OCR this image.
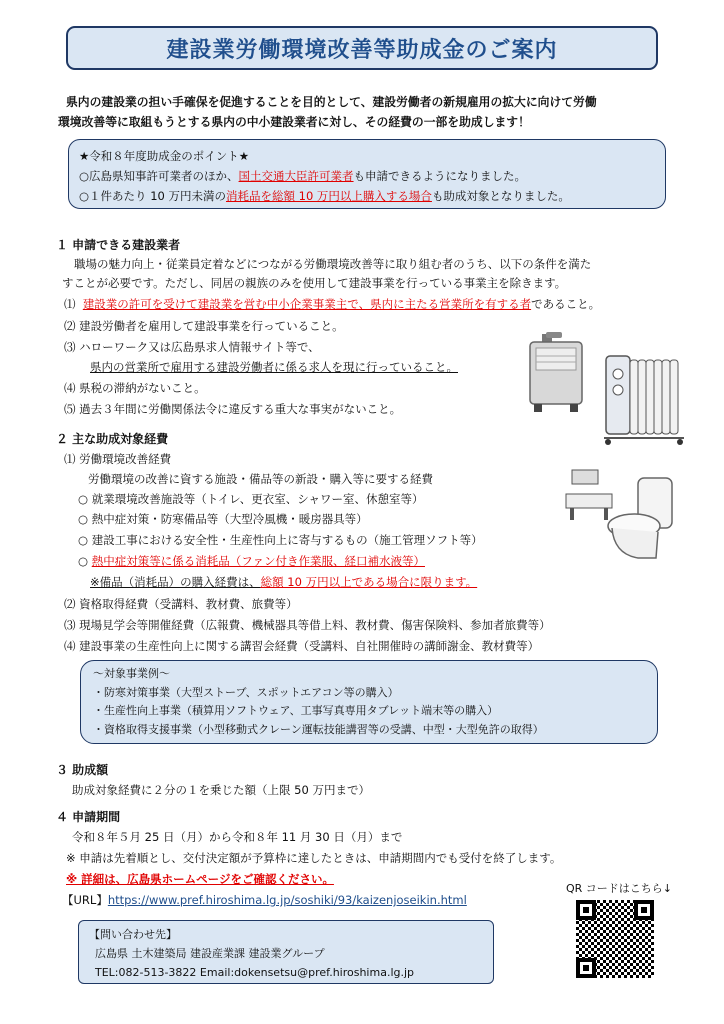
建設業労働環境改善等助成金のご案内

県内の建設業の担い手確保を促進することを目的として、建設労働者の新規雇用の拡大に向けて労働

環境改善等に取組もうとする県内の中小建設業者に対し、その経費の一部を助成します！

★令和８年度助成金のポイント★
○広島県知事許可業者のほか、国土交通大臣許可業者も申請できるようになりました。
○１件あたり 10 万円未満の消耗品を総額 10 万円以上購入する場合も助成対象となりました。
１ 申請できる建設業者
職場の魅力向上・従業員定着などにつながる労働環境改善等に取り組む者のうち、以下の条件を満た
すことが必要です。ただし、同居の親族のみを使用して建設事業を行っている事業主を除きます。
⑴ 建設業の許可を受けて建設業を営む中小企業事業主で、県内に主たる営業所を有する者であること。
⑵ 建設労働者を雇用して建設事業を行っていること。
⑶ ハローワーク又は広島県求人情報サイト等で、
県内の営業所で雇用する建設労働者に係る求人を現に行っていること。
⑷ 県税の滞納がないこと。
⑸ 過去３年間に労働関係法令に違反する重大な事実がないこと。
２ 主な助成対象経費
⑴ 労働環境改善経費
労働環境の改善に資する施設・備品等の新設・購入等に要する経費
○ 就業環境改善施設等（トイレ、更衣室、シャワー室、休憩室等）
○ 熱中症対策・防寒備品等（大型冷風機・暖房器具等）
○ 建設工事における安全性・生産性向上に寄与するもの（施工管理ソフト等）
○ 熱中症対策等に係る消耗品（ファン付き作業服、経口補水液等）
※備品（消耗品）の購入経費は、総額 10 万円以上である場合に限ります。
⑵ 資格取得経費（受講料、教材費、旅費等）
⑶ 現場見学会等開催経費（広報費、機械器具等借上料、教材費、傷害保険料、参加者旅費等）
⑷ 建設事業の生産性向上に関する講習会経費（受講料、自社開催時の講師謝金、教材費等）
～対象事業例～
・防寒対策事業（大型ストーブ、スポットエアコン等の購入）
・生産性向上事業（積算用ソフトウェア、工事写真専用タブレット端末等の購入）
・資格取得支援事業（小型移動式クレーン運転技能講習等の受講、中型・大型免許の取得）
３ 助成額
助成対象経費に２分の１を乗じた額（上限 50 万円まで）
４ 申請期間
令和８年５月 25 日（月）から令和８年 11 月 30 日（月）まで
※ 申請は先着順とし、交付決定額が予算枠に達したときは、申請期間内でも受付を終了します。
※ 詳細は、広島県ホームページをご確認ください。
【URL】https://www.pref.hiroshima.lg.jp/soshiki/93/kaizenjoseikin.html
QR コードはこちら↓
【問い合わせ先】
広島県 土木建築局 建設産業課 建設業グループ
TEL:082-513-3822 Email:dokensetsu@pref.hiroshima.lg.jp
